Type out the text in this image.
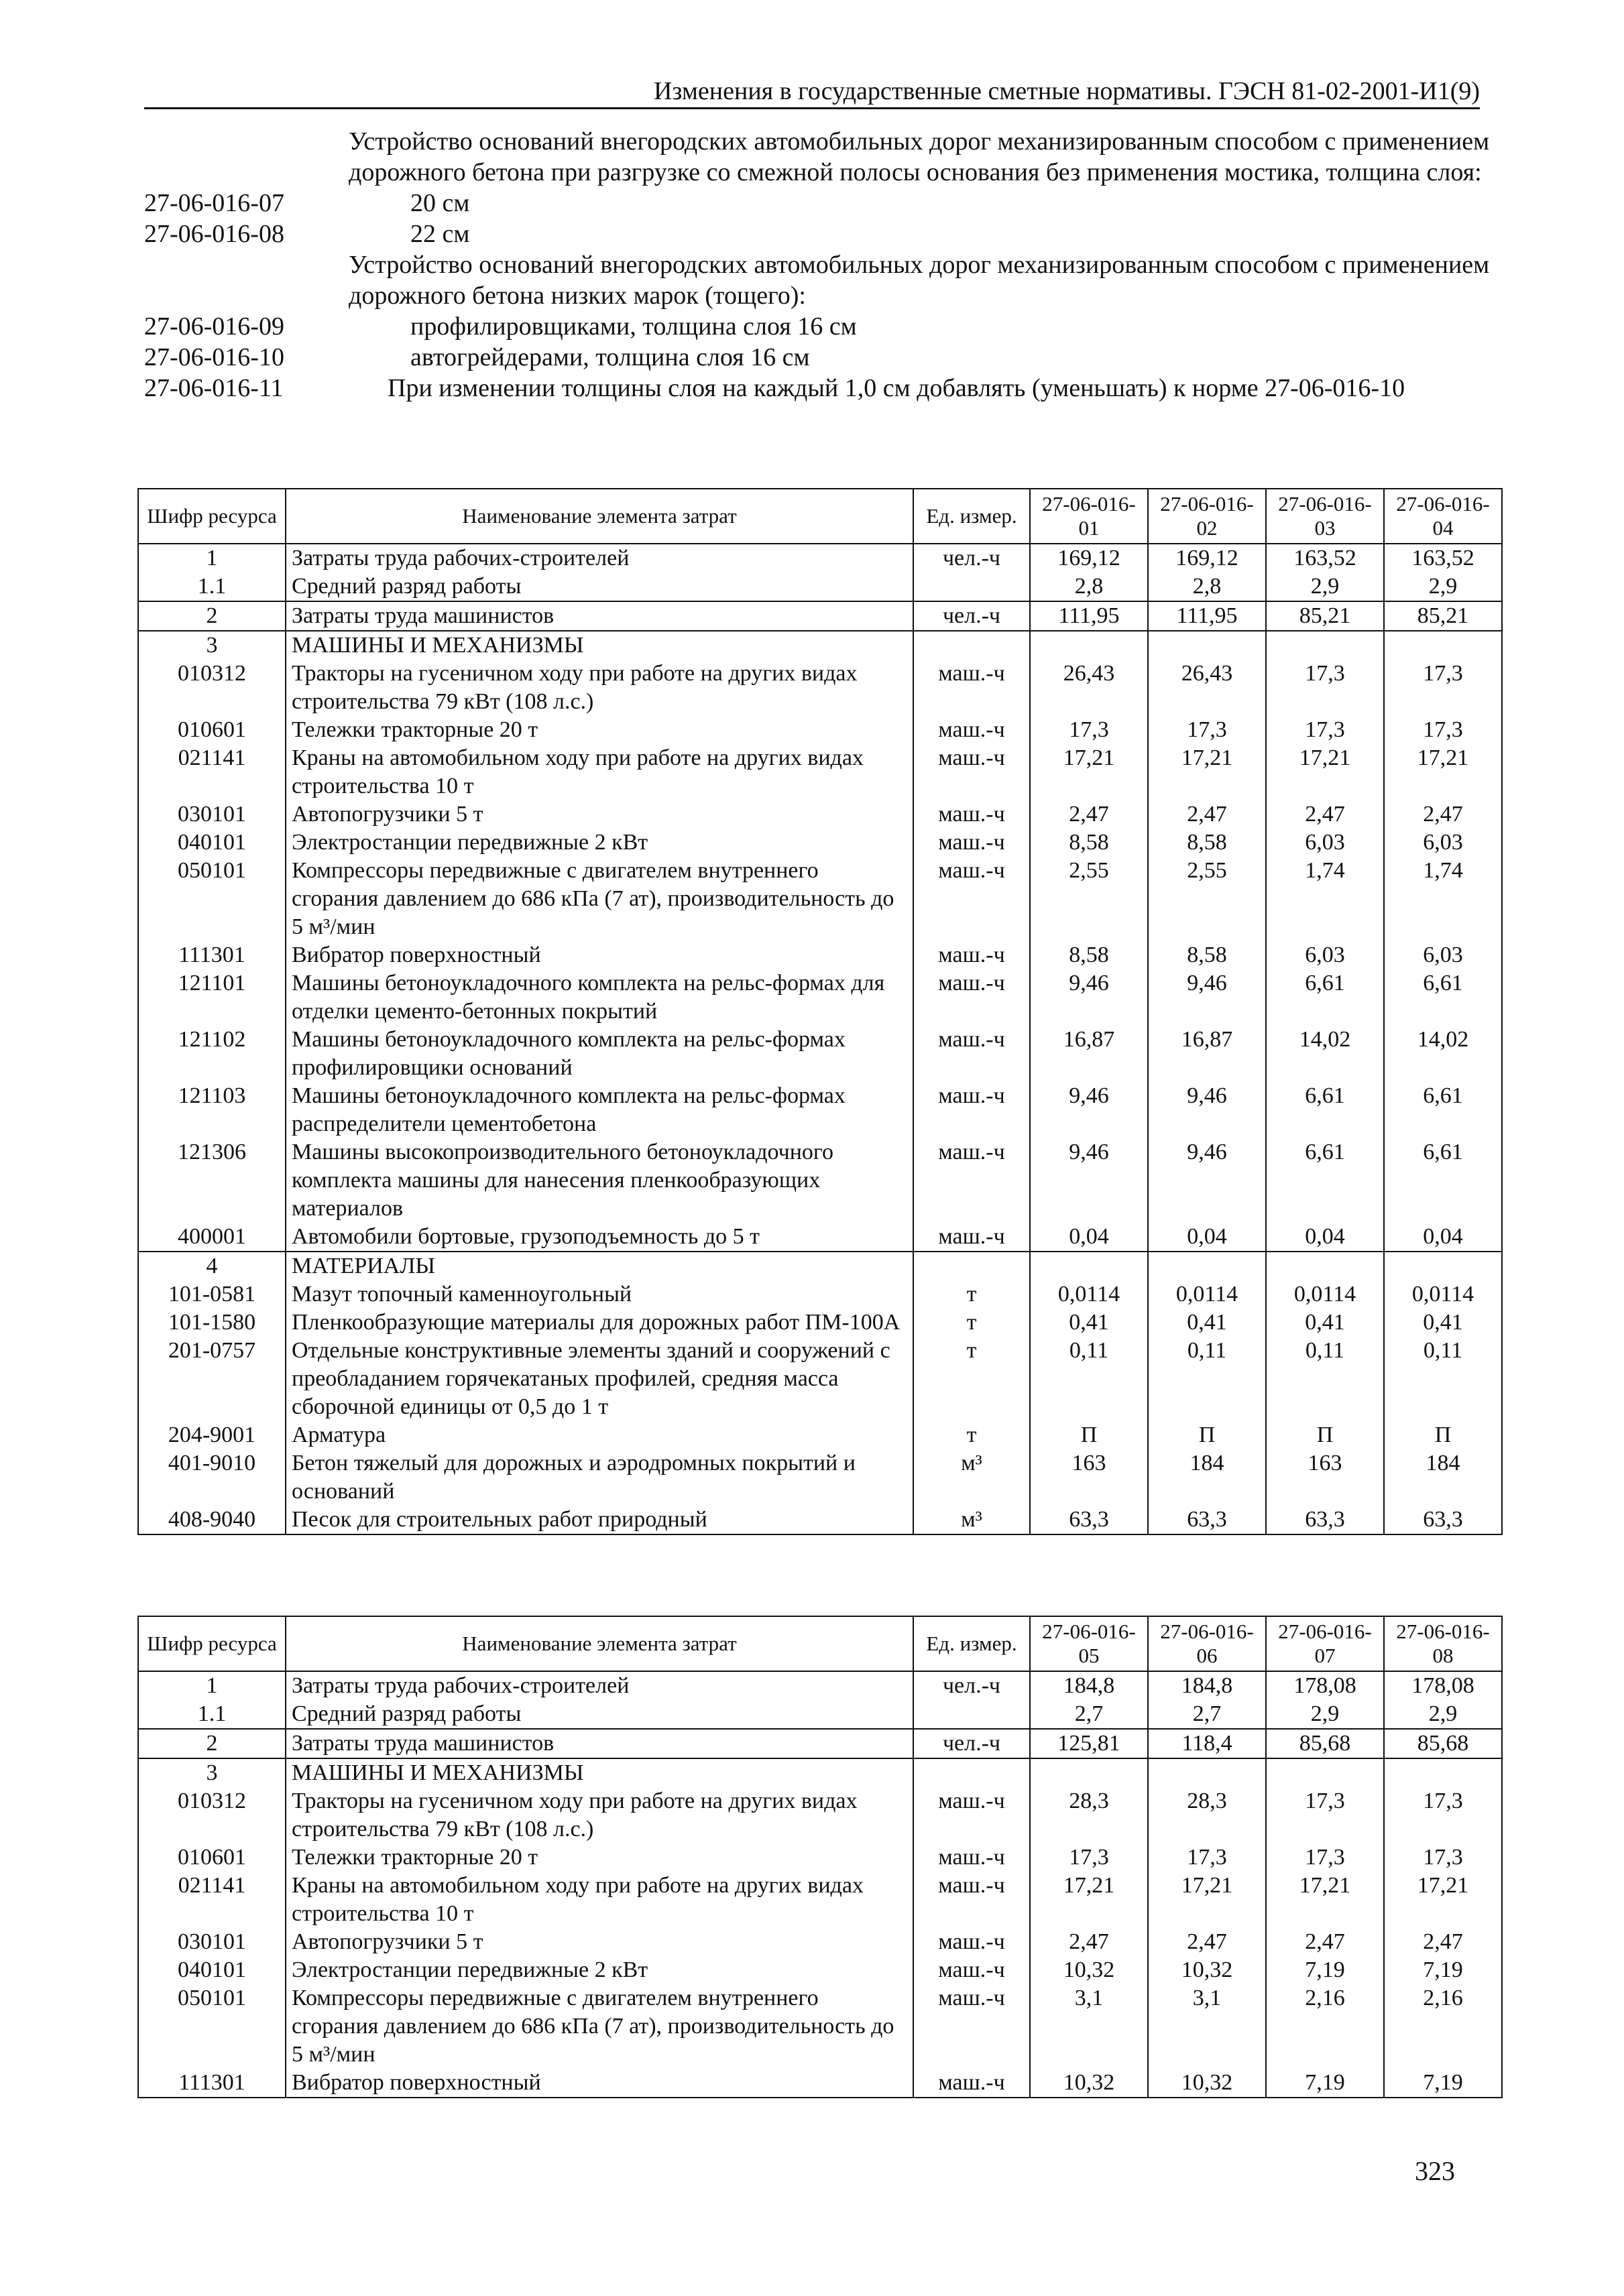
Изменения в государственные сметные нормативы. ГЭСН 81-02-2001-И1(9)
Устройство оснований внегородских автомобильных дорог механизированным способом с применением дорожного бетона при разгрузке со смежной полосы основания без применения мостика, толщина слоя:
27-06-016-07	20 см
27-06-016-08	22 см
Устройство оснований внегородских автомобильных дорог механизированным способом с применением дорожного бетона низких марок (тощего):
27-06-016-09	профилировщиками, толщина слоя 16 см
27-06-016-10	автогрейдерами, толщина слоя 16 см
27-06-016-11	При изменении толщины слоя на каждый 1,0 см добавлять (уменьшать) к норме 27-06-016-10
Шифр ресурса	Наименование элемента затрат	Ед. измер.	27-06-016-01	27-06-016-02	27-06-016-03	27-06-016-04
1	Затраты труда рабочих-строителей	чел.-ч	169,12	169,12	163,52	163,52
1.1	Средний разряд работы		2,8	2,8	2,9	2,9
2	Затраты труда машинистов	чел.-ч	111,95	111,95	85,21	85,21
3	МАШИНЫ И МЕХАНИЗМЫ					
010312	Тракторы на гусеничном ходу при работе на других видах строительства 79 кВт (108 л.с.)	маш.-ч	26,43	26,43	17,3	17,3
010601	Тележки тракторные 20 т	маш.-ч	17,3	17,3	17,3	17,3
021141	Краны на автомобильном ходу при работе на других видах строительства 10 т	маш.-ч	17,21	17,21	17,21	17,21
030101	Автопогрузчики 5 т	маш.-ч	2,47	2,47	2,47	2,47
040101	Электростанции передвижные 2 кВт	маш.-ч	8,58	8,58	6,03	6,03
050101	Компрессоры передвижные с двигателем внутреннего сгорания давлением до 686 кПа (7 ат), производительность до 5 м³/мин	маш.-ч	2,55	2,55	1,74	1,74
111301	Вибратор поверхностный	маш.-ч	8,58	8,58	6,03	6,03
121101	Машины бетоноукладочного комплекта на рельс-формах для отделки цементо-бетонных покрытий	маш.-ч	9,46	9,46	6,61	6,61
121102	Машины бетоноукладочного комплекта на рельс-формах профилировщики оснований	маш.-ч	16,87	16,87	14,02	14,02
121103	Машины бетоноукладочного комплекта на рельс-формах распределители цементобетона	маш.-ч	9,46	9,46	6,61	6,61
121306	Машины высокопроизводительного бетоноукладочного комплекта машины для нанесения пленкообразующих материалов	маш.-ч	9,46	9,46	6,61	6,61
400001	Автомобили бортовые, грузоподъемность до 5 т	маш.-ч	0,04	0,04	0,04	0,04
4	МАТЕРИАЛЫ					
101-0581	Мазут топочный каменноугольный	т	0,0114	0,0114	0,0114	0,0114
101-1580	Пленкообразующие материалы для дорожных работ ПМ-100А	т	0,41	0,41	0,41	0,41
201-0757	Отдельные конструктивные элементы зданий и сооружений с преобладанием горячекатаных профилей, средняя масса сборочной единицы от 0,5 до 1 т	т	0,11	0,11	0,11	0,11
204-9001	Арматура	т	П	П	П	П
401-9010	Бетон тяжелый для дорожных и аэродромных покрытий и оснований	м³	163	184	163	184
408-9040	Песок для строительных работ природный	м³	63,3	63,3	63,3	63,3
Шифр ресурса	Наименование элемента затрат	Ед. измер.	27-06-016-05	27-06-016-06	27-06-016-07	27-06-016-08
1	Затраты труда рабочих-строителей	чел.-ч	184,8	184,8	178,08	178,08
1.1	Средний разряд работы		2,7	2,7	2,9	2,9
2	Затраты труда машинистов	чел.-ч	125,81	118,4	85,68	85,68
3	МАШИНЫ И МЕХАНИЗМЫ					
010312	Тракторы на гусеничном ходу при работе на других видах строительства 79 кВт (108 л.с.)	маш.-ч	28,3	28,3	17,3	17,3
010601	Тележки тракторные 20 т	маш.-ч	17,3	17,3	17,3	17,3
021141	Краны на автомобильном ходу при работе на других видах строительства 10 т	маш.-ч	17,21	17,21	17,21	17,21
030101	Автопогрузчики 5 т	маш.-ч	2,47	2,47	2,47	2,47
040101	Электростанции передвижные 2 кВт	маш.-ч	10,32	10,32	7,19	7,19
050101	Компрессоры передвижные с двигателем внутреннего сгорания давлением до 686 кПа (7 ат), производительность до 5 м³/мин	маш.-ч	3,1	3,1	2,16	2,16
111301	Вибратор поверхностный	маш.-ч	10,32	10,32	7,19	7,19
323
